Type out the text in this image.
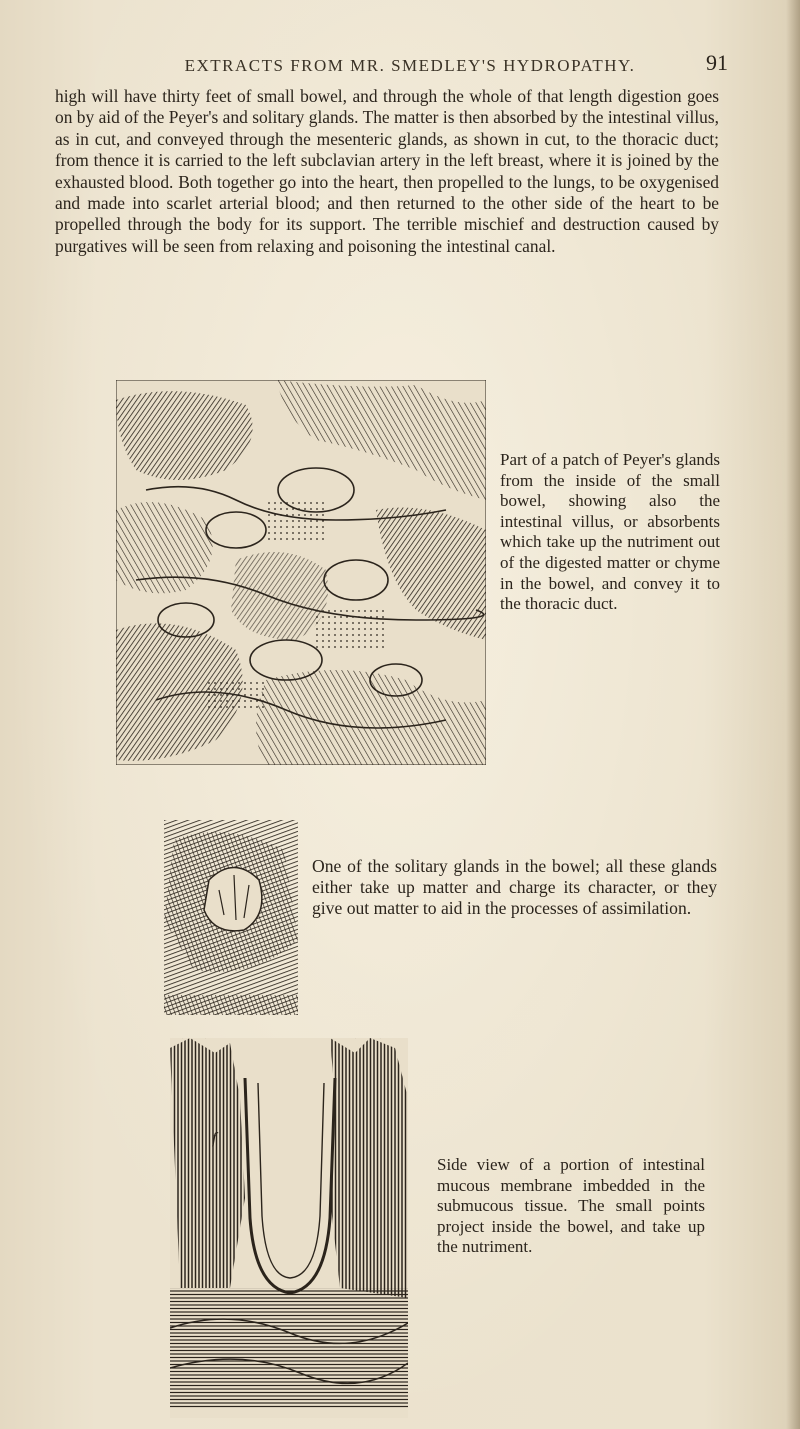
EXTRACTS FROM MR. SMEDLEY'S HYDROPATHY.	91

high will have thirty feet of small bowel, and through the whole of that length digestion goes on by aid of the Peyer's and solitary glands. The matter is then absorbed by the intestinal villus, as in cut, and conveyed through the mesenteric glands, as shown in cut, to the thoracic duct; from thence it is carried to the left subclavian artery in the left breast, where it is joined by the exhausted blood. Both together go into the heart, then propelled to the lungs, to be oxygenised and made into scarlet arterial blood; and then returned to the other side of the heart to be propelled through the body for its support. The terrible mischief and destruction caused by purgatives will be seen from relaxing and poisoning the intestinal canal.

Part of a patch of Peyer's glands from the inside of the small bowel, showing also the intestinal villus, or absorbents which take up the nutriment out of the digested matter or chyme in the bowel, and convey it to the thoracic duct.
One of the solitary glands in the bowel; all these glands either take up matter and charge its character, or they give out matter to aid in the processes of assimilation.
f
Side view of a portion of intestinal mucous membrane imbedded in the submucous tissue. The small points project inside the bowel, and take up the nutriment.
